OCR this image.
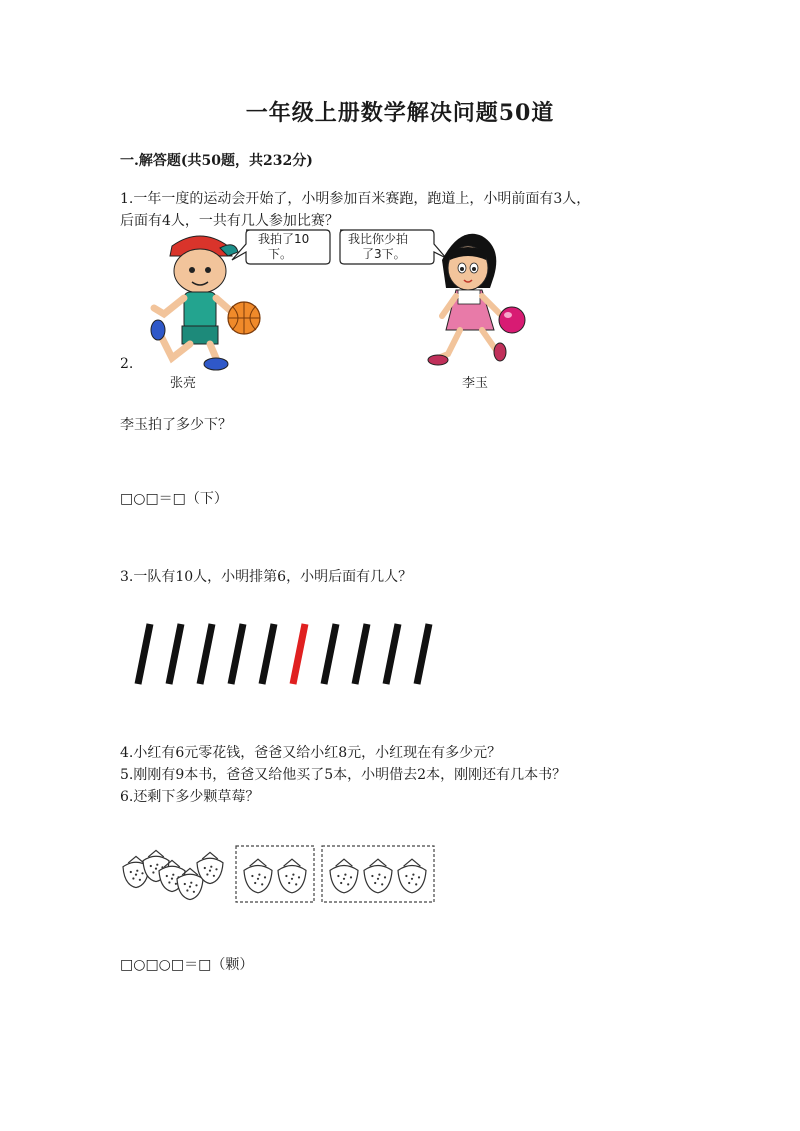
一年级上册数学解决问题50道
一.解答题(共50题，共232分)
1.一年一度的运动会开始了，小明参加百米赛跑，跑道上，小明前面有3人，
后面有4人，一共有几人参加比赛？
我拍了10
下。
我比你少拍
了3下。
2.
张亮	李玉
李玉拍了多少下？
□○□＝□（下）
3.一队有10人，小明排第6，小明后面有几人？
4.小红有6元零花钱，爸爸又给小红8元，小红现在有多少元？
5.刚刚有9本书，爸爸又给他买了5本，小明借去2本，刚刚还有几本书？
6.还剩下多少颗草莓？
□○□○□＝□（颗）
